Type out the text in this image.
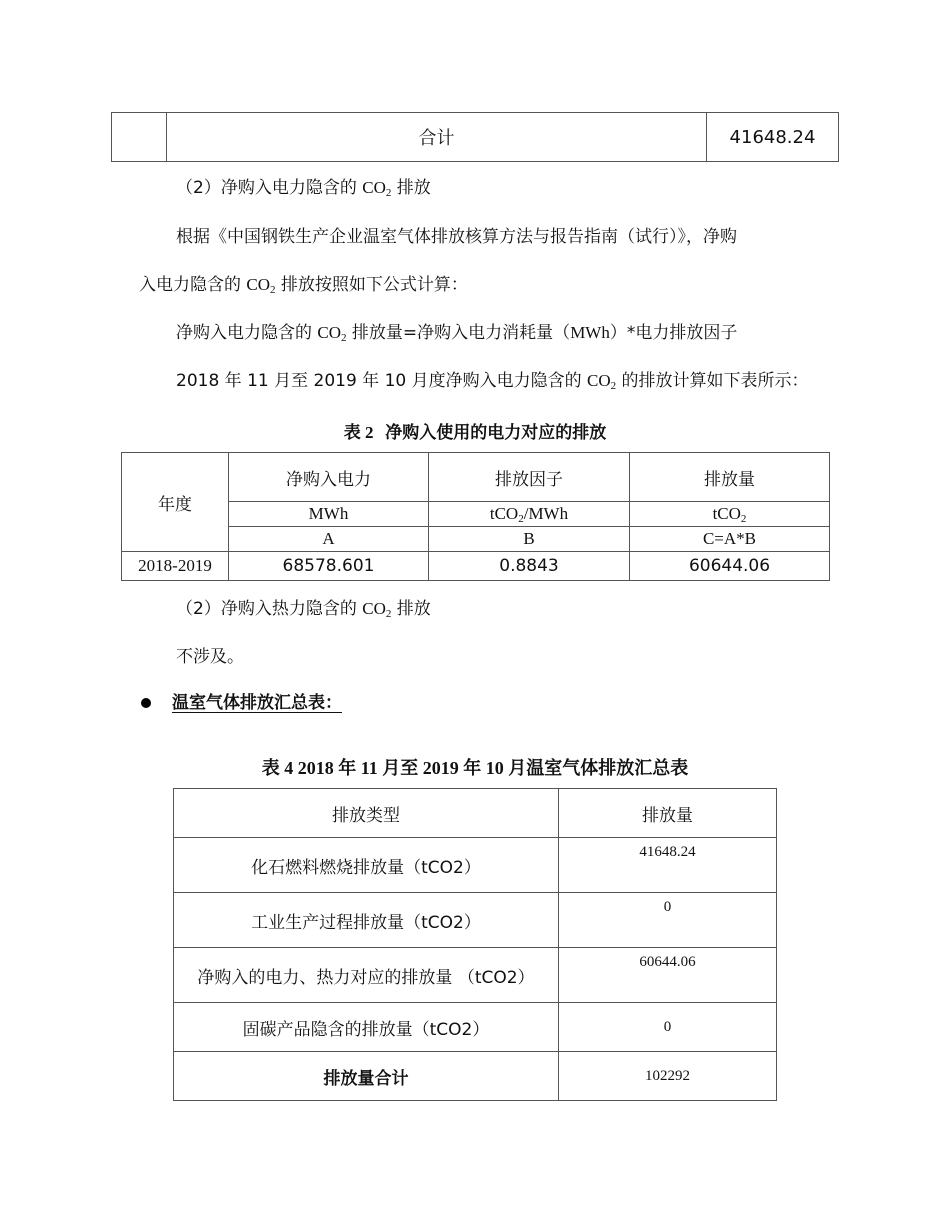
	合计	41648.24
（2）净购入电力隐含的 $CO_2$ 排放
根据《中国钢铁生产企业温室气体排放核算方法与报告指南（试行）》，净购
入电力隐含的 $CO_2$ 排放按照如下公式计算：
净购入电力隐含的 $CO_2$ 排放量=净购入电力消耗量（MWh）*电力排放因子
2018 年 11 月至 2019 年 10 月度净购入电力隐含的 $CO_2$ 的排放计算如下表所示：
表 2 净购入使用的电力对应的排放
年度	净购入电力	排放因子	排放量
	MWh	tCO$_2$/MWh	tCO$_2$
	A	B	C=A*B
2018-2019	68578.601	0.8843	60644.06
（2）净购入热力隐含的 $CO_2$ 排放
不涉及。
温室气体排放汇总表：
表 4 2018 年 11 月至 2019 年 10 月温室气体排放汇总表
排放类型	排放量
化石燃料燃烧排放量（tCO2）	41648.24
工业生产过程排放量（tCO2）	0
净购入的电力、热力对应的排放量 （tCO2）	60644.06
固碳产品隐含的排放量（tCO2）	0
排放量合计	102292
